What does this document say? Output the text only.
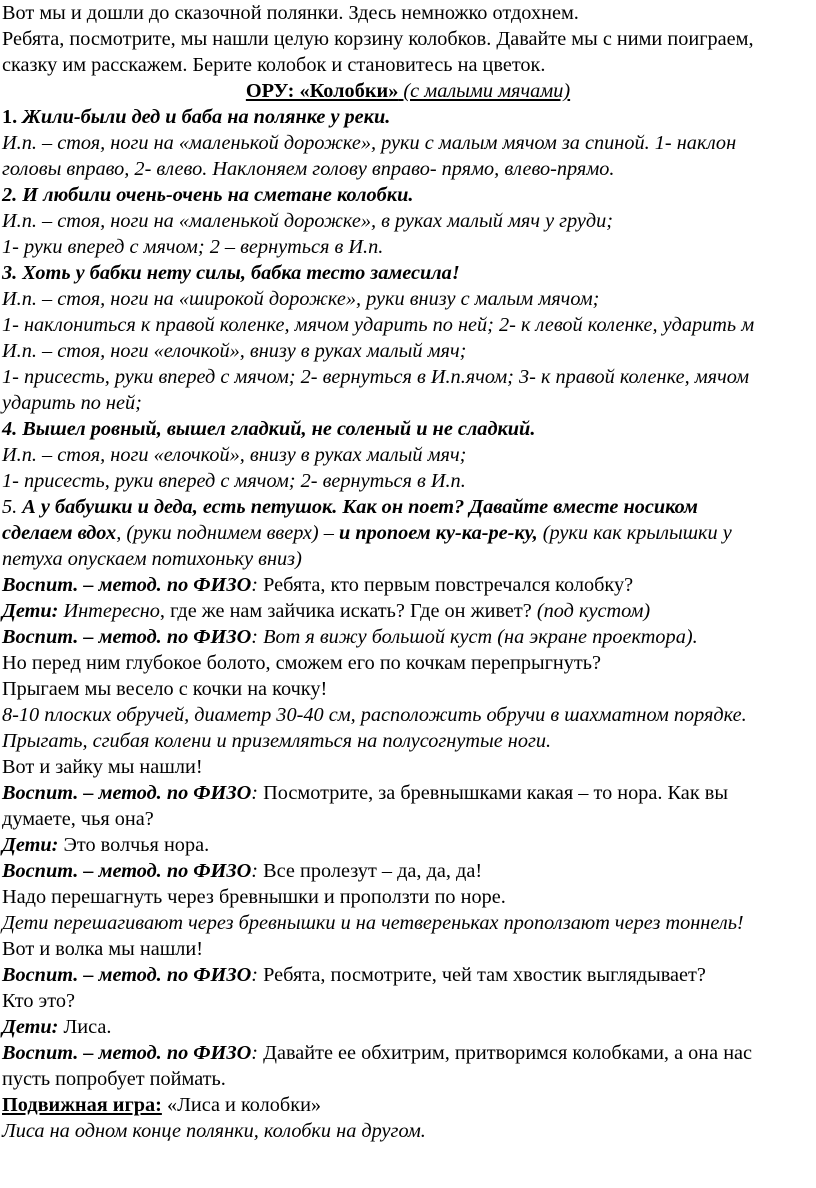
Вот мы и дошли до сказочной полянки. Здесь немножко отдохнем.
Ребята, посмотрите, мы нашли целую корзину колобков. Давайте мы с ними поиграем,
сказку им расскажем. Берите колобок и становитесь на цветок.
ОРУ: «Колобки» (с малыми мячами)
1. Жили-были дед и баба на полянке у реки.
И.п. – стоя, ноги на «маленькой дорожке», руки с малым мячом за спиной. 1- наклон
головы вправо, 2- влево. Наклоняем голову вправо- прямо, влево-прямо.
2. И любили очень-очень на сметане колобки.
И.п. – стоя, ноги на «маленькой дорожке», в руках малый мяч у груди;
1- руки вперед с мячом; 2 – вернуться в И.п.
3. Хоть у бабки нету силы, бабка тесто замесила!
И.п. – стоя, ноги на «широкой дорожке», руки внизу с малым мячом;
1- наклониться к правой коленке, мячом ударить по ней; 2- к левой коленке, ударить м
И.п. – стоя, ноги «елочкой», внизу в руках малый мяч;
1- присесть, руки вперед с мячом; 2- вернуться в И.п.ячом; 3- к правой коленке, мячом
ударить по ней;
4. Вышел ровный, вышел гладкий, не соленый и не сладкий.
И.п. – стоя, ноги «елочкой», внизу в руках малый мяч;
1- присесть, руки вперед с мячом; 2- вернуться в И.п.
5. А у бабушки и деда, есть петушок. Как он поет? Давайте вместе носиком
сделаем вдох, (руки поднимем вверх) – и пропоем ку-ка-ре-ку, (руки как крылышки у
петуха опускаем потихоньку вниз)
Воспит. – метод. по ФИЗО: Ребята, кто первым повстречался колобку?
Дети: Интересно, где же нам зайчика искать? Где он живет? (под кустом)
Воспит. – метод. по ФИЗО: Вот я вижу большой куст (на экране проектора).
Но перед ним глубокое болото, сможем его по кочкам перепрыгнуть?
Прыгаем мы весело с кочки на кочку!
8-10 плоских обручей, диаметр 30-40 см, расположить обручи в шахматном порядке.
Прыгать, сгибая колени и приземляться на полусогнутые ноги.
Вот и зайку мы нашли!
Воспит. – метод. по ФИЗО: Посмотрите, за бревнышками какая – то нора. Как вы
думаете, чья она?
Дети: Это волчья нора.
Воспит. – метод. по ФИЗО: Все пролезут – да, да, да!
Надо перешагнуть через бревнышки и проползти по норе.
Дети перешагивают через бревнышки и на четвереньках проползают через тоннель!
Вот и волка мы нашли!
Воспит. – метод. по ФИЗО: Ребята, посмотрите, чей там хвостик выглядывает?
Кто это?
Дети: Лиса.
Воспит. – метод. по ФИЗО: Давайте ее обхитрим, притворимся колобками, а она нас
пусть попробует поймать.
Подвижная игра: «Лиса и колобки»
Лиса на одном конце полянки, колобки на другом.
